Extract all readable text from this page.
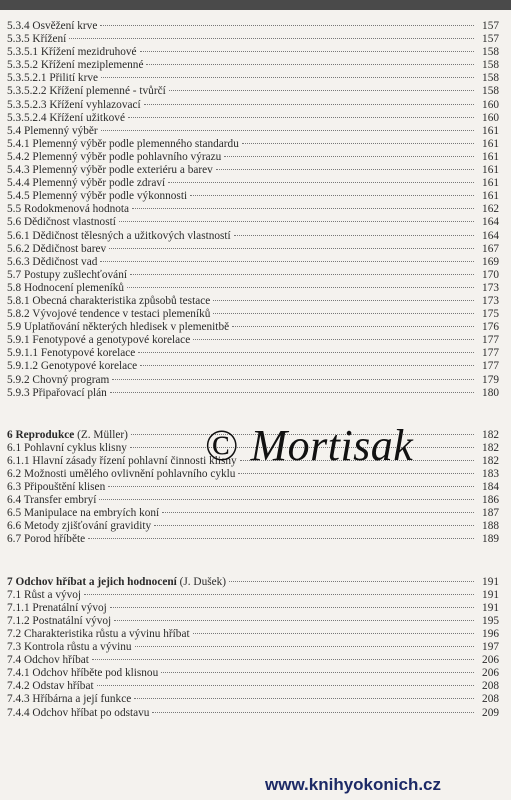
5.3.4 Osvěžení krve	157
5.3.5 Křížení	157
5.3.5.1 Křížení mezidruhové	158
5.3.5.2 Křížení meziplemenné	158
5.3.5.2.1 Přilití krve	158
5.3.5.2.2 Křížení plemenné - tvůrčí	158
5.3.5.2.3 Křížení vyhlazovací	160
5.3.5.2.4 Křížení užitkové	160
5.4 Plemenný výběr	161
5.4.1 Plemenný výběr podle plemenného standardu	161
5.4.2 Plemenný výběr podle pohlavního výrazu	161
5.4.3 Plemenný výběr podle exteriéru a barev	161
5.4.4 Plemenný výběr podle zdraví	161
5.4.5 Plemenný výběr podle výkonnosti	161
5.5 Rodokmenová hodnota	162
5.6 Dědičnost vlastností	164
5.6.1 Dědičnost tělesných a užitkových vlastností	164
5.6.2 Dědičnost barev	167
5.6.3 Dědičnost vad	169
5.7 Postupy zušlechťování	170
5.8 Hodnocení plemeníků	173
5.8.1 Obecná charakteristika způsobů testace	173
5.8.2 Vývojové tendence v testaci plemeníků	175
5.9 Uplatňování některých hledisek v plemenitbě	176
5.9.1 Fenotypové a genotypové korelace	177
5.9.1.1 Fenotypové korelace	177
5.9.1.2 Genotypové korelace	177
5.9.2 Chovný program	179
5.9.3 Připařovací plán	180
6 Reprodukce (Z. Müller)	182
6.1 Pohlavní cyklus klisny	182
6.1.1 Hlavní zásady řízení pohlavní činnosti klisny	182
6.2 Možnosti umělého ovlivnění pohlavního cyklu	183
6.3 Připouštění klisen	184
6.4 Transfer embryí	186
6.5 Manipulace na embryích koní	187
6.6 Metody zjišťování gravidity	188
6.7 Porod hříběte	189
7 Odchov hříbat a jejich hodnocení (J. Dušek)	191
7.1 Růst a vývoj	191
7.1.1 Prenatální vývoj	191
7.1.2 Postnatální vývoj	195
7.2 Charakteristika růstu a vývinu hříbat	196
7.3 Kontrola růstu a vývinu	197
7.4 Odchov hříbat	206
7.4.1 Odchov hříběte pod klisnou	206
7.4.2 Odstav hříbat	208
7.4.3 Hříbárna a její funkce	208
7.4.4 Odchov hříbat po odstavu	209
© Mortisak
www.knihyokonich.cz
